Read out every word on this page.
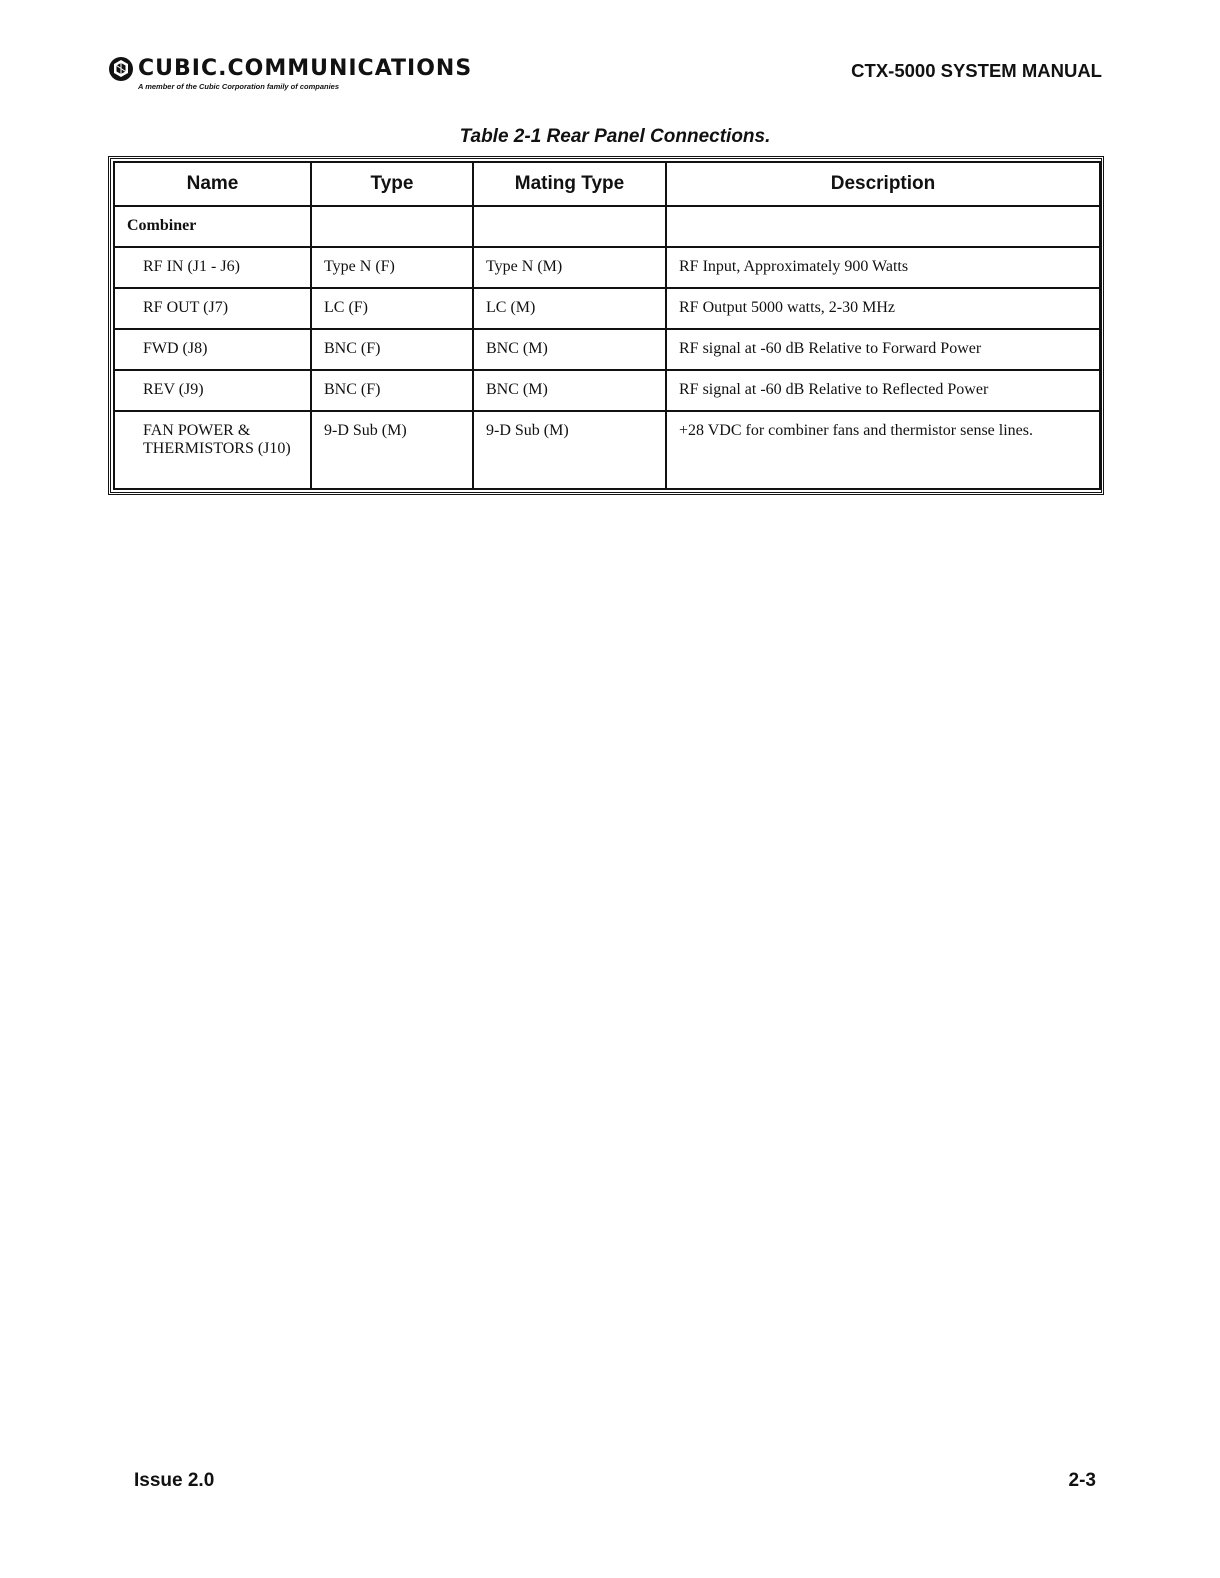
CUBIC.COMMUNICATIONS
A member of the Cubic Corporation family of companies
CTX-5000 SYSTEM MANUAL
Table 2-1 Rear Panel Connections.
Name	Type	Mating Type	Description
Combiner			
RF IN (J1 - J6)	Type N (F)	Type N (M)	RF Input, Approximately 900 Watts
RF OUT (J7)	LC (F)	LC (M)	RF Output 5000 watts, 2-30 MHz
FWD (J8)	BNC (F)	BNC (M)	RF signal at -60 dB Relative to Forward Power
REV (J9)	BNC (F)	BNC (M)	RF signal at -60 dB Relative to Reflected Power
FAN POWER & THERMISTORS (J10)	9-D Sub (M)	9-D Sub (M)	+28 VDC for combiner fans and thermistor sense lines.
Issue 2.0	2-3
